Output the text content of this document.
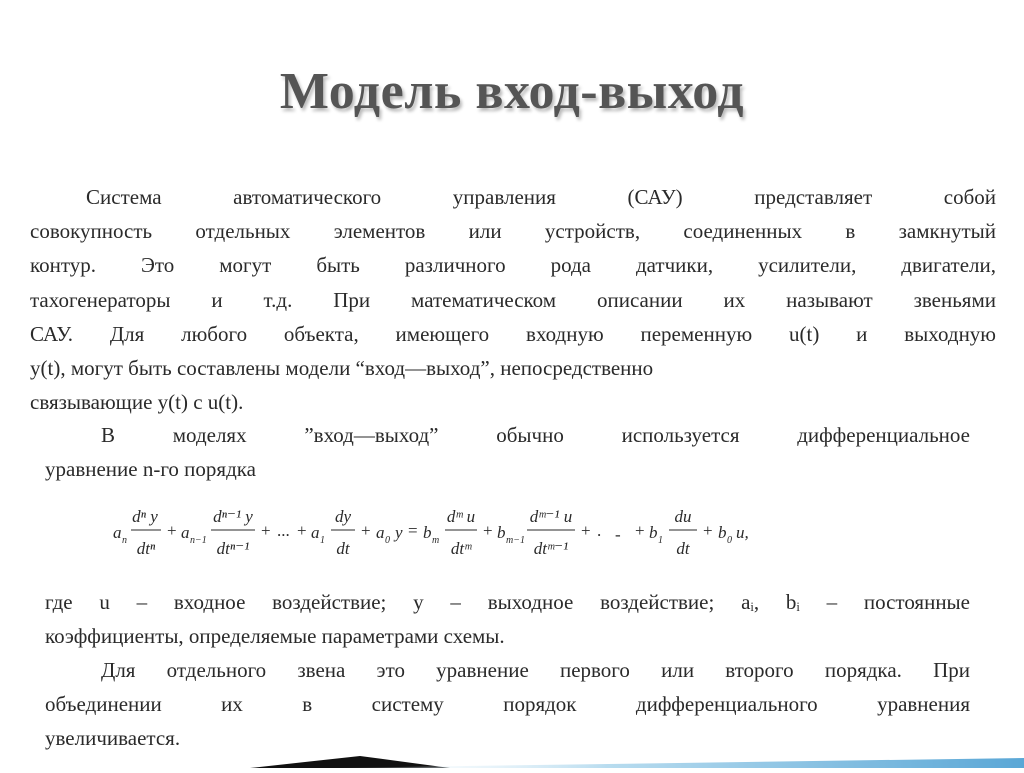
Модель вход-выход
Система автоматического управления (САУ) представляет собой
совокупность отдельных элементов или устройств, соединенных в замкнутый
контур. Это могут быть различного рода датчики, усилители, двигатели,
тахогенераторы и т.д. При математическом описании их называют звеньями
САУ. Для любого объекта, имеющего входную переменную u(t) и выходную
y(t), могут быть составлены модели “вход—выход”, непосредственно
связывающие y(t) с u(t).
В моделях ”вход—выход” обычно используется дифференциальное
уравнение n-го порядка
a n
dⁿ y
dtⁿ
+ a n−1
dⁿ⁻¹ y
dtⁿ⁻¹
+ ... + a 1
dy
dt
+ a 0 y = b m
dᵐ u
dtᵐ
+ b m−1
dᵐ⁻¹ u
dtᵐ⁻¹
+ . - + b 1
du
dt
+ b 0 u,
где u – входное воздействие; y – выходное воздействие; aᵢ, bᵢ – постоянные
коэффициенты, определяемые параметрами схемы.
Для отдельного звена это уравнение первого или второго порядка. При
объединении их в систему порядок дифференциального уравнения
увеличивается.
